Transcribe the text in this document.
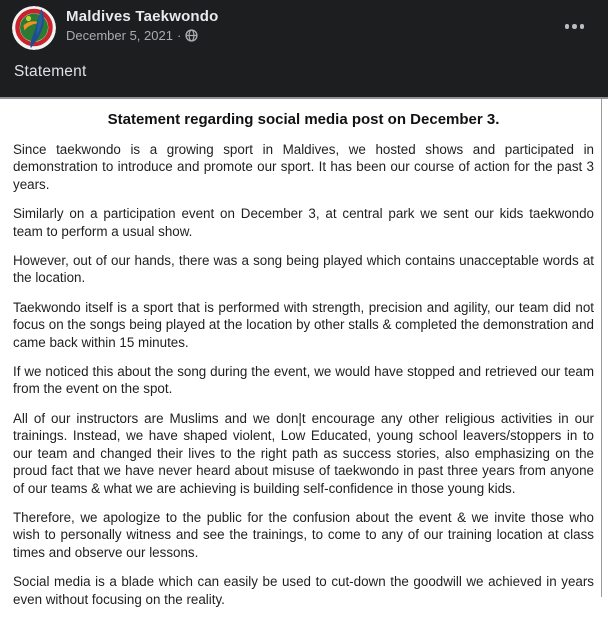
Maldives Taekwondo
December 5, 2021 ·
Statement
Statement regarding social media post on December 3.

Since taekwondo is a growing sport in Maldives, we hosted shows and participated in demonstration to introduce and promote our sport. It has been our course of action for the past 3 years.

Similarly on a participation event on December 3, at central park we sent our kids taekwondo team to perform a usual show.

However, out of our hands, there was a song being played which contains unacceptable words at the location.

Taekwondo itself is a sport that is performed with strength, precision and agility, our team did not focus on the songs being played at the location by other stalls & completed the demonstration and came back within 15 minutes.

If we noticed this about the song during the event, we would have stopped and retrieved our team from the event on the spot.

All of our instructors are Muslims and we don|t encourage any other religious activities in our trainings. Instead, we have shaped violent, Low Educated, young school leavers/stoppers in to our team and changed their lives to the right path as success stories, also emphasizing on the proud fact that we have never heard about misuse of taekwondo in past three years from anyone of our teams & what we are achieving is building self-confidence in those young kids.

Therefore, we apologize to the public for the confusion about the event & we invite those who wish to personally witness and see the trainings, to come to any of our training location at class times and observe our lessons.

Social media is a blade which can easily be used to cut-down the goodwill we achieved in years even without focusing on the reality.
